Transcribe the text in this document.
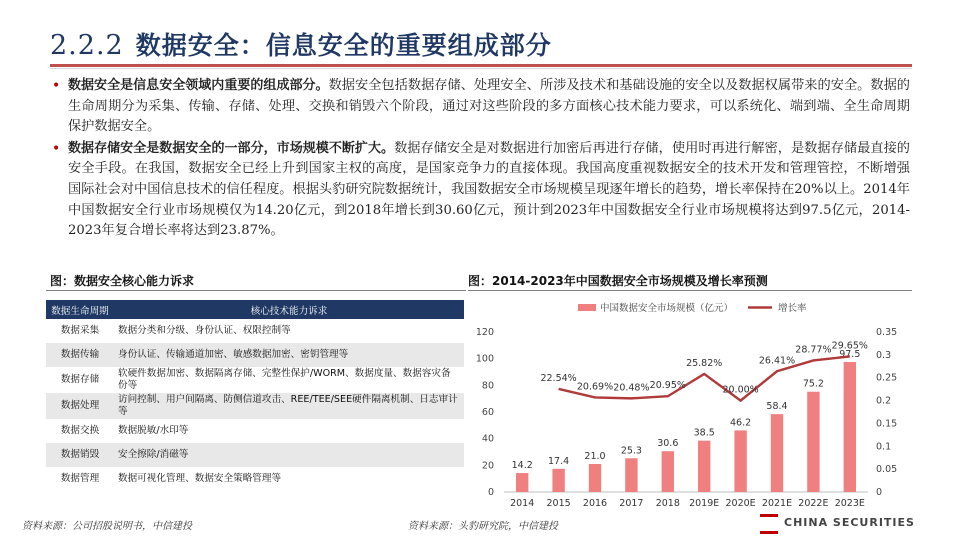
2.2.2 数据安全：信息安全的重要组成部分

• 数据安全是信息安全领域内重要的组成部分。数据安全包括数据存储、处理安全、所涉及技术和基础设施的安全以及数据权属带来的安全。数据的生命周期分为采集、传输、存储、处理、交换和销毁六个阶段，通过对这些阶段的多方面核心技术能力要求，可以系统化、端到端、全生命周期保护数据安全。

• 数据存储安全是数据安全的一部分，市场规模不断扩大。数据存储安全是对数据进行加密后再进行存储，使用时再进行解密，是数据存储最直接的安全手段。在我国，数据安全已经上升到国家主权的高度，是国家竞争力的直接体现。我国高度重视数据安全的技术开发和管理管控，不断增强国际社会对中国信息技术的信任程度。根据头豹研究院数据统计，我国数据安全市场规模呈现逐年增长的趋势，增长率保持在20%以上。2014年中国数据安全行业市场规模仅为14.20亿元，到2018年增长到30.60亿元，预计到2023年中国数据安全行业市场规模将达到97.5亿元，2014-2023年复合增长率将达到23.87%。

图：数据安全核心能力诉求	图：2014-2023年中国数据安全市场规模及增长率预测
数据生命周期	核心技术能力诉求
数据采集	数据分类和分级、身份认证、权限控制等
数据传输	身份认证、传输通道加密、敏感数据加密、密钥管理等
数据存储	软硬件数据加密、数据隔离存储、完整性保护/WORM、数据度量、数据容灾备份等
数据处理	访问控制、用户间隔离、防侧信道攻击、REE/TEE/SEE硬件隔离机制、日志审计等
数据交换	数据脱敏/水印等
数据销毁	安全擦除/消磁等
数据管理	数据可视化管理、数据安全策略管理等
中国数据安全市场规模（亿元）	增长率
0
20
40
60
80
100
120
0
0.05
0.1
0.15
0.2
0.25
0.3
0.35
2014 2015 2016 2017 2018 2019E 2020E 2021E 2022E 2023E
14.2 17.4 21.0
25.3
30.6
38.5
46.2
58.4
75.2
97.5
22.54%
20.69% 20.48% 20.95%
25.82%
20.00%
26.41%
28.77% 29.65%
资料来源：公司招股说明书，中信建投	资料来源：头豹研究院，中信建投	CHINA SECURITIES
